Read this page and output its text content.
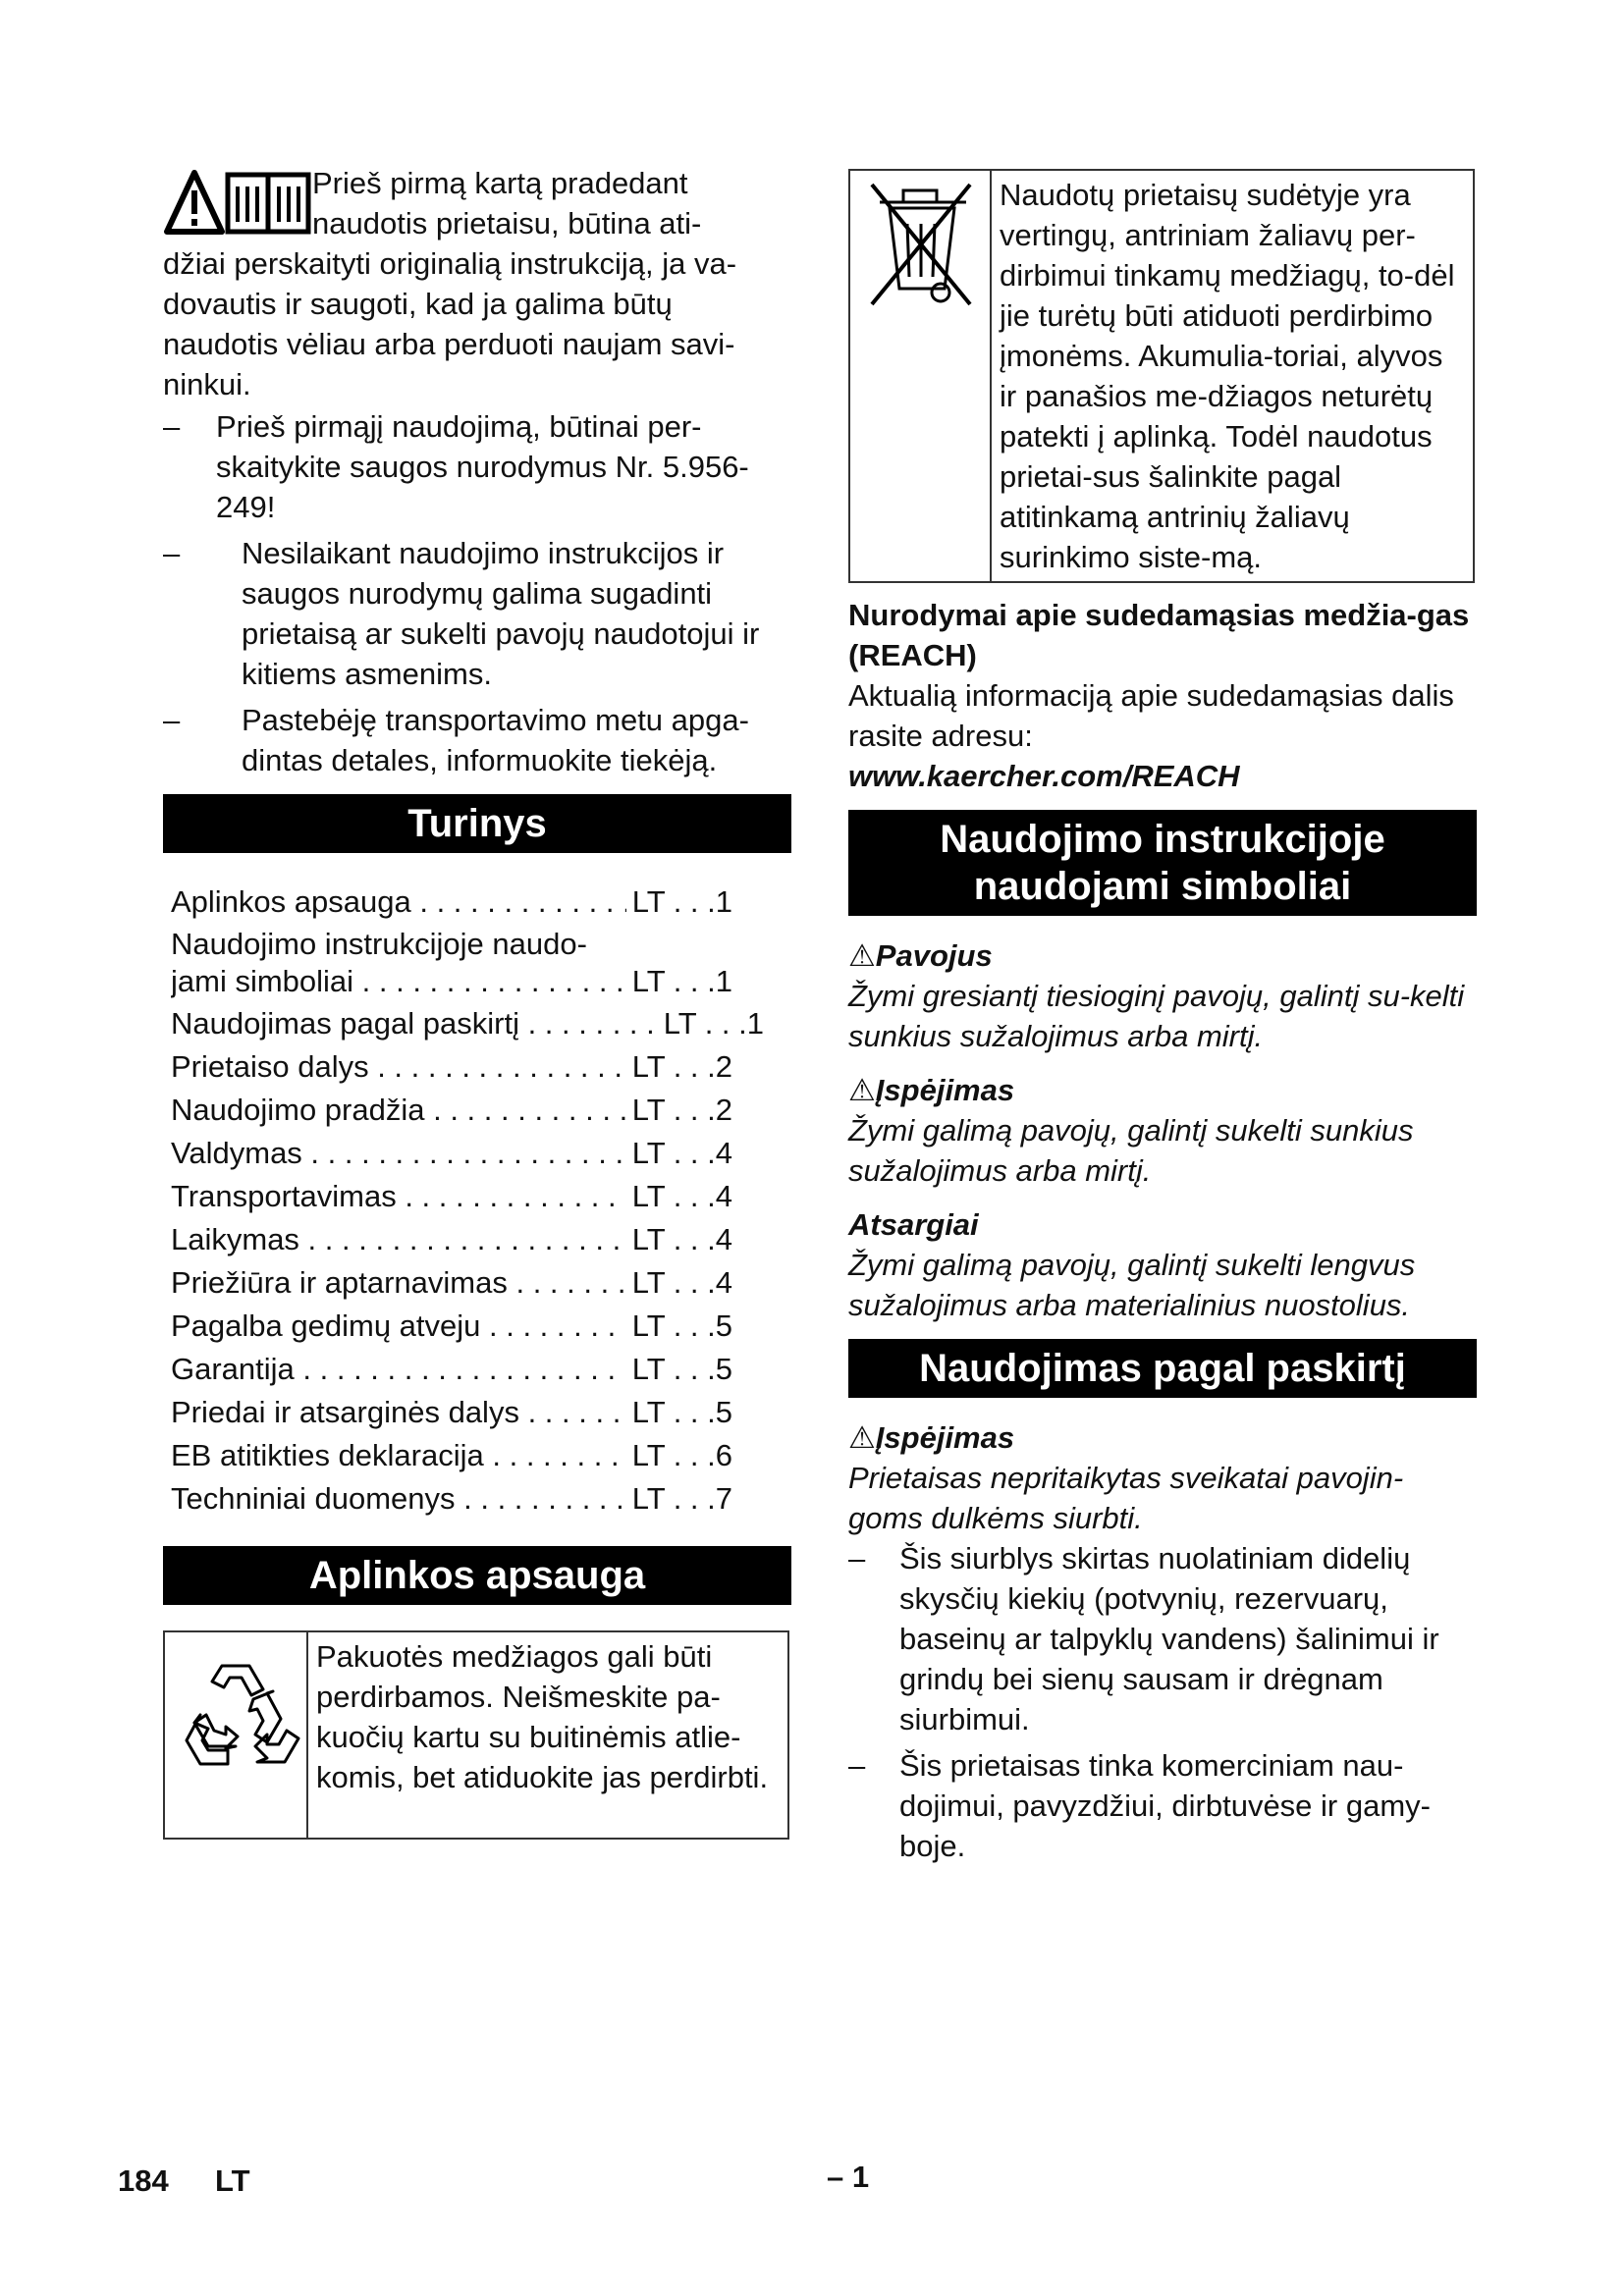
Prieš pirmą kartą pradedant
naudotis prietaisu, būtina ati-

džiai perskaityti originalią instrukciją, ja va-dovautis ir saugoti, kad ja galima būtų naudotis vėliau arba perduoti naujam savi-ninkui.

–	Prieš pirmąjį naudojimą, būtinai per-skaitykite saugos nurodymus Nr. 5.956-249!
–	Nesilaikant naudojimo instrukcijos ir saugos nurodymų galima sugadinti prietaisą ar sukelti pavojų naudotojui ir kitiems asmenims.
–	Pastebėję transportavimo metu apga-dintas detales, informuokite tiekėją.
Turinys
Aplinkos apsauga . . .	LT . . .1
Naudojimo instrukcijoje naudo-
jami simboliai . . .	LT . . .1
Naudojimas pagal paskirtį . . .	LT . . .1
Prietaiso dalys . . .	LT . . .2
Naudojimo pradžia . . .	LT . . .2
Valdymas . . .	LT . . .4
Transportavimas . . .	LT . . .4
Laikymas . . .	LT . . .4
Priežiūra ir aptarnavimas . . .	LT . . .4
Pagalba gedimų atveju . . .	LT . . .5
Garantija . . .	LT . . .5
Priedai ir atsarginės dalys . . .	LT . . .5
EB atitikties deklaracija . . .	LT . . .6
Techniniai duomenys . . .	LT . . .7
Aplinkos apsauga
Pakuotės medžiagos gali būti perdirbamos. Neišmeskite pa-kuočių kartu su buitinėmis atlie-komis, bet atiduokite jas perdirbti.
Naudotų prietaisų sudėtyje yra vertingų, antriniam žaliavų per-dirbimui tinkamų medžiagų, to-dėl jie turėtų būti atiduoti perdirbimo įmonėms. Akumulia-toriai, alyvos ir panašios me-džiagos neturėtų patekti į aplinką. Todėl naudotus prietai-sus šalinkite pagal atitinkamą antrinių žaliavų surinkimo siste-mą.

Nurodymai apie sudedamąsias medžia-gas (REACH)

Aktualią informaciją apie sudedamąsias dalis rasite adresu:

www.kaercher.com/REACH

Naudojimo instrukcijoje naudojami simboliai

⚠Pavojus

Žymi gresiantį tiesioginį pavojų, galintį su-kelti sunkius sužalojimus arba mirtį.

⚠Įspėjimas

Žymi galimą pavojų, galintį sukelti sunkius sužalojimus arba mirtį.

Atsargiai

Žymi galimą pavojų, galintį sukelti lengvus sužalojimus arba materialinius nuostolius.

Naudojimas pagal paskirtį

⚠Įspėjimas

Prietaisas nepritaikytas sveikatai pavojin-goms dulkėms siurbti.

–	Šis siurblys skirtas nuolatiniam didelių skysčių kiekių (potvynių, rezervuarų, baseinų ar talpyklų vandens) šalinimui ir grindų bei sienų sausam ir drėgnam siurbimui.
–	Šis prietaisas tinka komerciniam nau-dojimui, pavyzdžiui, dirbtuvėse ir gamy-boje.
184 LT	– 1
